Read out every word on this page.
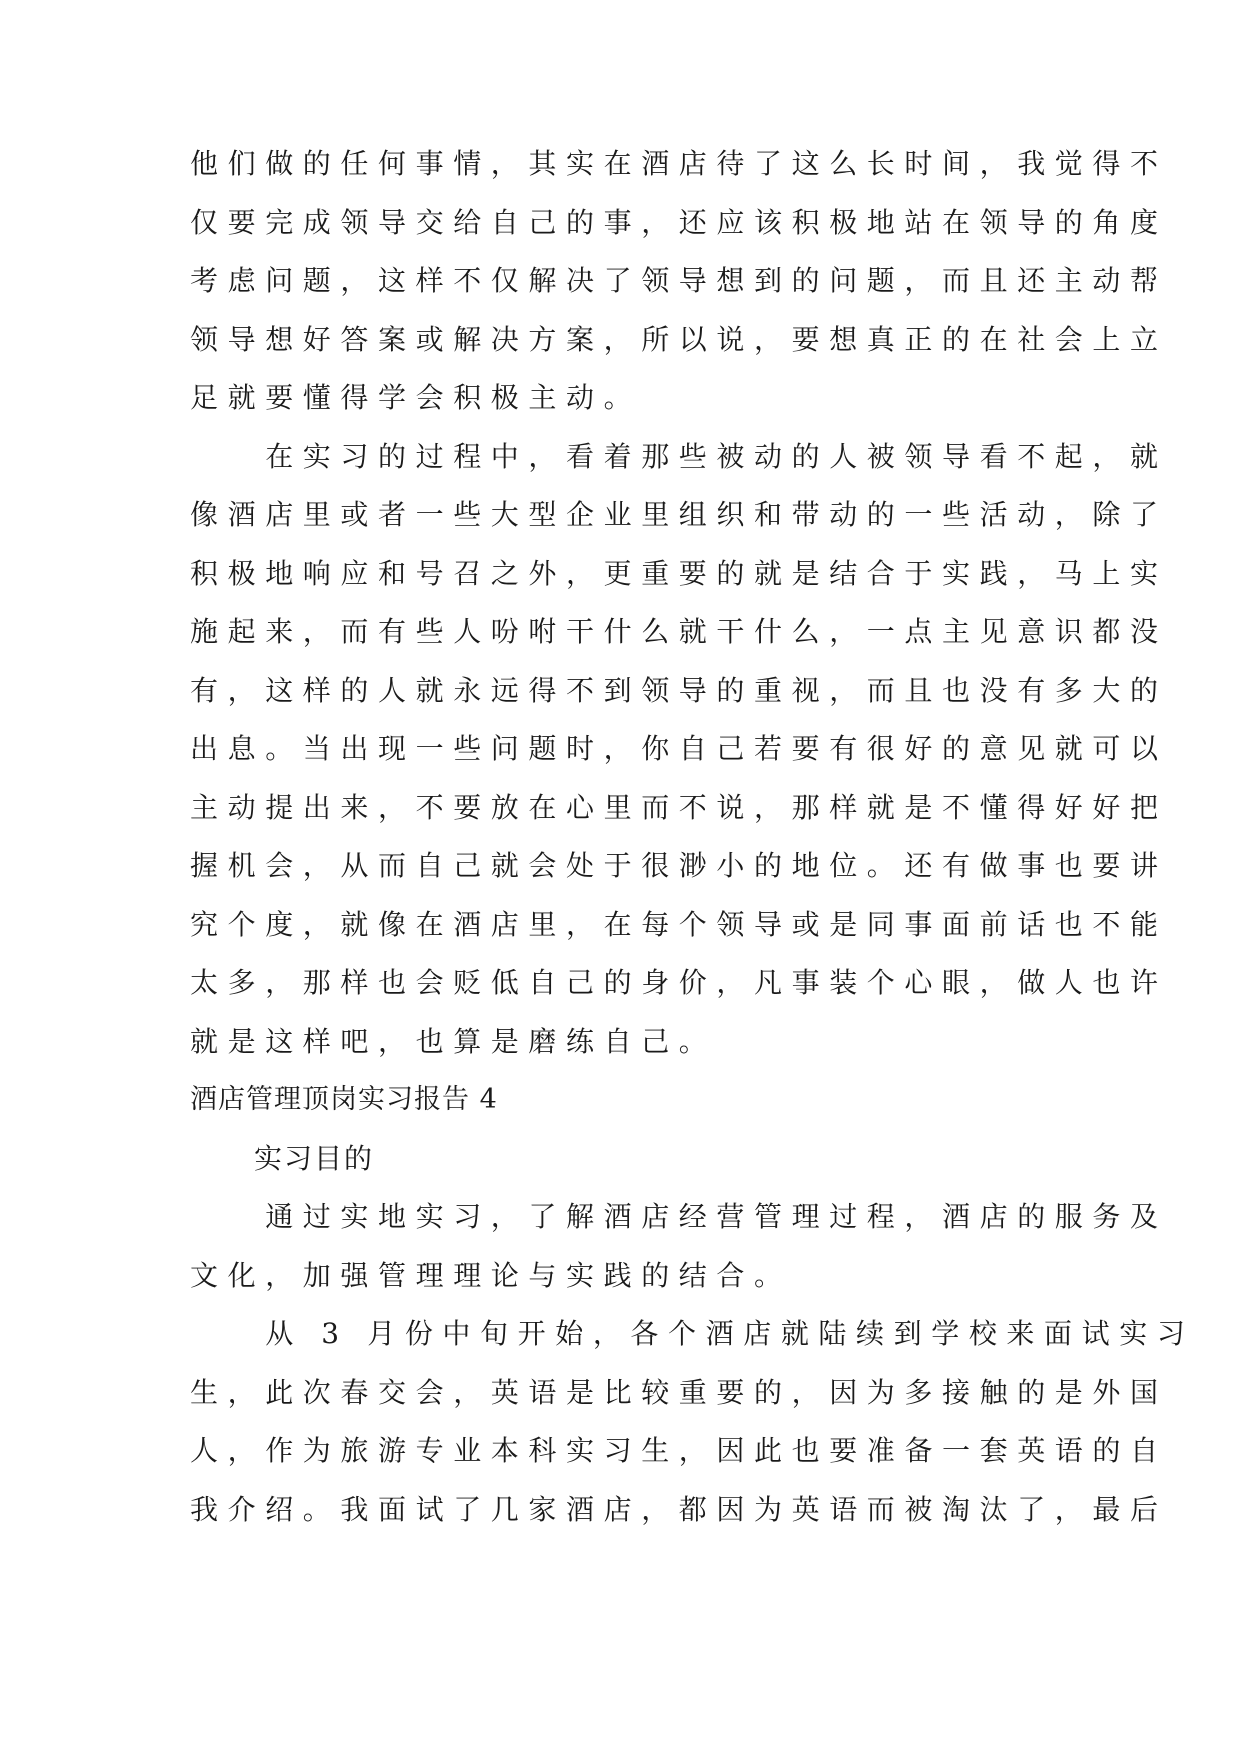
他们做的任何事情，其实在酒店待了这么长时间，我觉得不
仅要完成领导交给自己的事，还应该积极地站在领导的角度
考虑问题，这样不仅解决了领导想到的问题，而且还主动帮
领导想好答案或解决方案，所以说，要想真正的在社会上立
足就要懂得学会积极主动。
　　在实习的过程中，看着那些被动的人被领导看不起，就
像酒店里或者一些大型企业里组织和带动的一些活动，除了
积极地响应和号召之外，更重要的就是结合于实践，马上实
施起来，而有些人吩咐干什么就干什么，一点主见意识都没
有，这样的人就永远得不到领导的重视，而且也没有多大的
出息。当出现一些问题时，你自己若要有很好的意见就可以
主动提出来，不要放在心里而不说，那样就是不懂得好好把
握机会，从而自己就会处于很渺小的地位。还有做事也要讲
究个度，就像在酒店里，在每个领导或是同事面前话也不能
太多，那样也会贬低自己的身价，凡事装个心眼，做人也许
就是这样吧，也算是磨练自己。
酒店管理顶岗实习报告 4
实习目的
　　通过实地实习，了解酒店经营管理过程，酒店的服务及
文化，加强管理理论与实践的结合。
　　从 3 月份中旬开始，各个酒店就陆续到学校来面试实习
生，此次春交会，英语是比较重要的，因为多接触的是外国
人，作为旅游专业本科实习生，因此也要准备一套英语的自
我介绍。我面试了几家酒店，都因为英语而被淘汰了，最后
